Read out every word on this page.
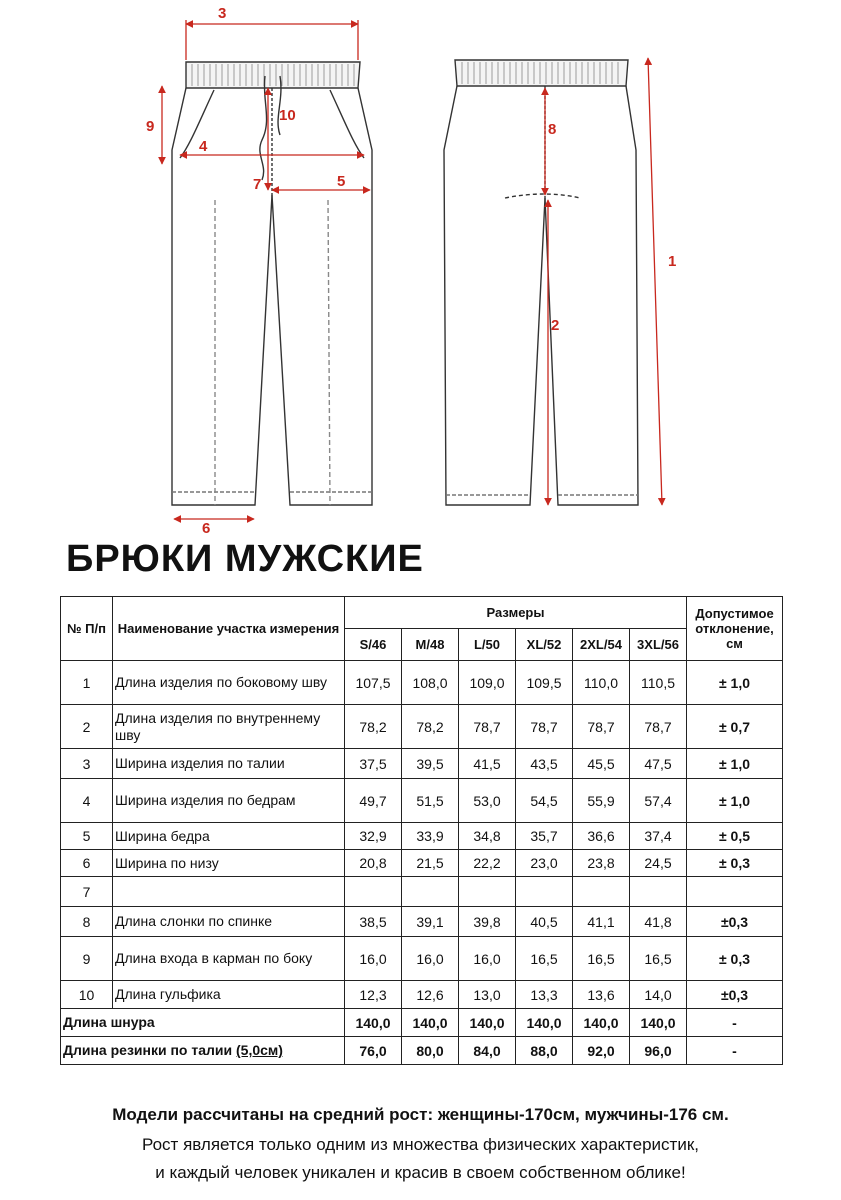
3
9
10
4
7	5
6
8
2
1
БРЮКИ МУЖСКИЕ
№ П/п	Наименование участка измерения	Размеры						Допустимое отклонение, см
		S/46	M/48	L/50	XL/52	2XL/54	3XL/56	
1	Длина изделия по боковому шву	107,5	108,0	109,0	109,5	110,0	110,5	± 1,0
2	Длина изделия по внутреннему шву	78,2	78,2	78,7	78,7	78,7	78,7	± 0,7
3	Ширина изделия по талии	37,5	39,5	41,5	43,5	45,5	47,5	± 1,0
4	Ширина изделия по бедрам	49,7	51,5	53,0	54,5	55,9	57,4	± 1,0
5	Ширина бедра	32,9	33,9	34,8	35,7	36,6	37,4	± 0,5
6	Ширина по низу	20,8	21,5	22,2	23,0	23,8	24,5	± 0,3
7								
8	Длина слонки по спинке	38,5	39,1	39,8	40,5	41,1	41,8	±0,3
9	Длина входа в карман по боку	16,0	16,0	16,0	16,5	16,5	16,5	± 0,3
10	Длина гульфика	12,3	12,6	13,0	13,3	13,6	14,0	±0,3
Длина шнура		140,0	140,0	140,0	140,0	140,0	140,0	-
Длина резинки по талии (5,0см)		76,0	80,0	84,0	88,0	92,0	96,0	-
Модели рассчитаны на средний рост: женщины-170см, мужчины-176 см.
Рост является только одним из множества физических характеристик,
и каждый человек уникален и красив в своем собственном облике!
